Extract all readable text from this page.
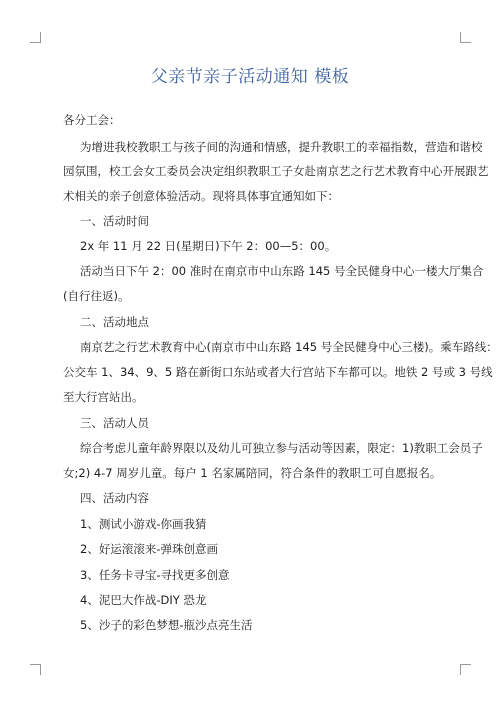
父亲节亲子活动通知 模板
各分工会：
为增进我校教职工与孩子间的沟通和情感，提升教职工的幸福指数，营造和谐校
园氛围，校工会女工委员会决定组织教职工子女赴南京艺之行艺术教育中心开展跟艺
术相关的亲子创意体验活动。现将具体事宜通知如下：
一、活动时间
2x 年 11 月 22 日(星期日)下午 2：00—5：00。
活动当日下午 2：00 准时在南京市中山东路 145 号全民健身中心一楼大厅集合
(自行往返)。
二、活动地点
南京艺之行艺术教育中心(南京市中山东路 145 号全民健身中心三楼)。乘车路线：
公交车 1、34、9、5 路在新街口东站或者大行宫站下车都可以。地铁 2 号或 3 号线
至大行宫站出。
三、活动人员
综合考虑儿童年龄界限以及幼儿可独立参与活动等因素，限定：1)教职工会员子
女;2) 4-7 周岁儿童。每户 1 名家属陪同，符合条件的教职工可自愿报名。
四、活动内容
1、测试小游戏-你画我猜
2、好运滚滚来-弹珠创意画
3、任务卡寻宝-寻找更多创意
4、泥巴大作战-DIY 恐龙
5、沙子的彩色梦想-瓶沙点亮生活
